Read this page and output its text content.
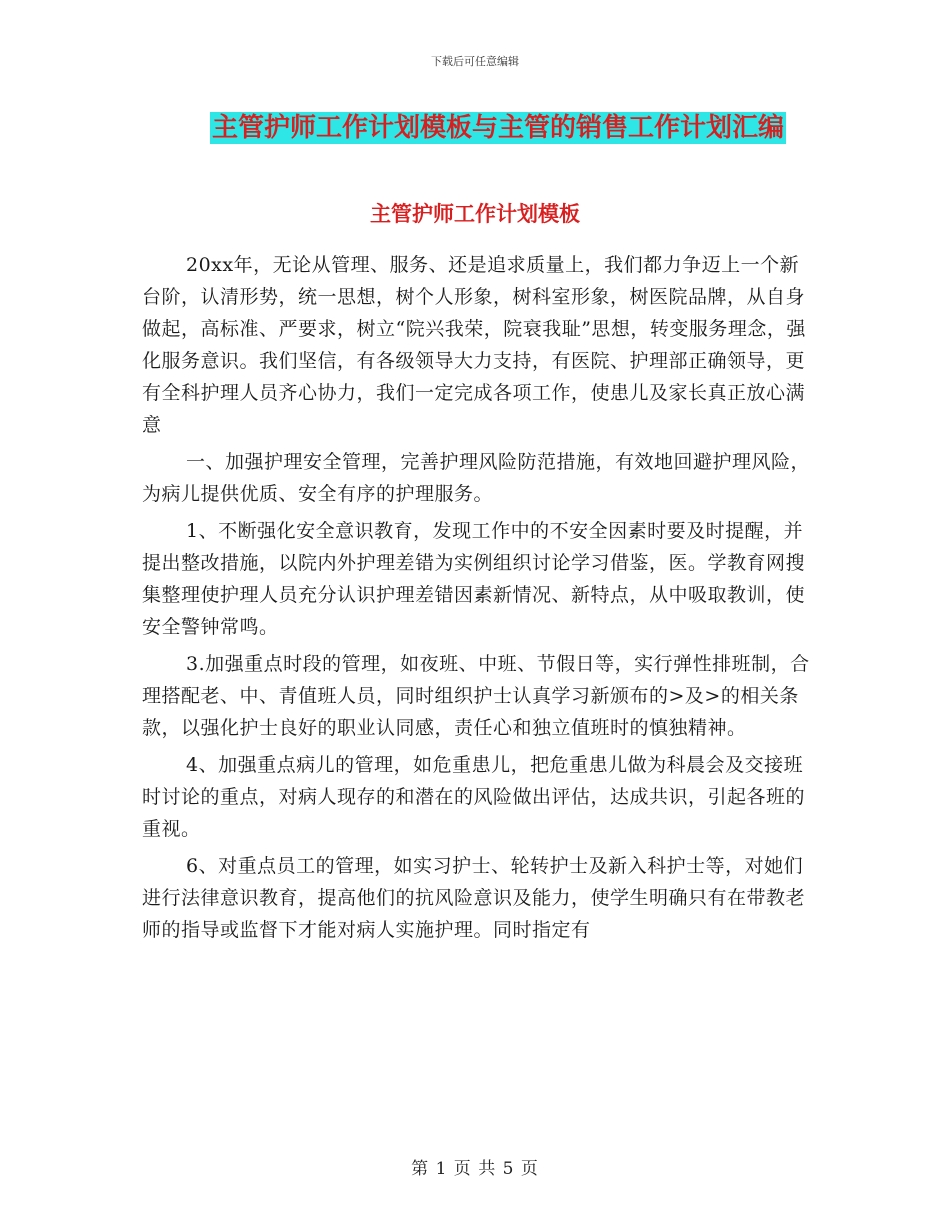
下载后可任意编辑
主管护师工作计划模板与主管的销售工作计划汇编
主管护师工作计划模板

20xx年，无论从管理、服务、还是追求质量上，我们都力争迈上一个新台阶，认清形势，统一思想，树个人形象，树科室形象，树医院品牌，从自身做起，高标准、严要求，树立“院兴我荣，院衰我耻”思想，转变服务理念，强化服务意识。我们坚信，有各级领导大力支持，有医院、护理部正确领导，更有全科护理人员齐心协力，我们一定完成各项工作，使患儿及家长真正放心满意

一、加强护理安全管理，完善护理风险防范措施，有效地回避护理风险，为病儿提供优质、安全有序的护理服务。

1、不断强化安全意识教育，发现工作中的不安全因素时要及时提醒，并提出整改措施，以院内外护理差错为实例组织讨论学习借鉴，医。学教育网搜集整理使护理人员充分认识护理差错因素新情况、新特点，从中吸取教训，使安全警钟常鸣。

3.加强重点时段的管理，如夜班、中班、节假日等，实行弹性排班制，合理搭配老、中、青值班人员，同时组织护士认真学习新颁布的>及>的相关条款，以强化护士良好的职业认同感，责任心和独立值班时的慎独精神。

4、加强重点病儿的管理，如危重患儿，把危重患儿做为科晨会及交接班时讨论的重点，对病人现存的和潜在的风险做出评估，达成共识，引起各班的重视。

6、对重点员工的管理，如实习护士、轮转护士及新入科护士等，对她们进行法律意识教育，提高他们的抗风险意识及能力，使学生明确只有在带教老师的指导或监督下才能对病人实施护理。同时指定有

第 1 页 共 5 页
